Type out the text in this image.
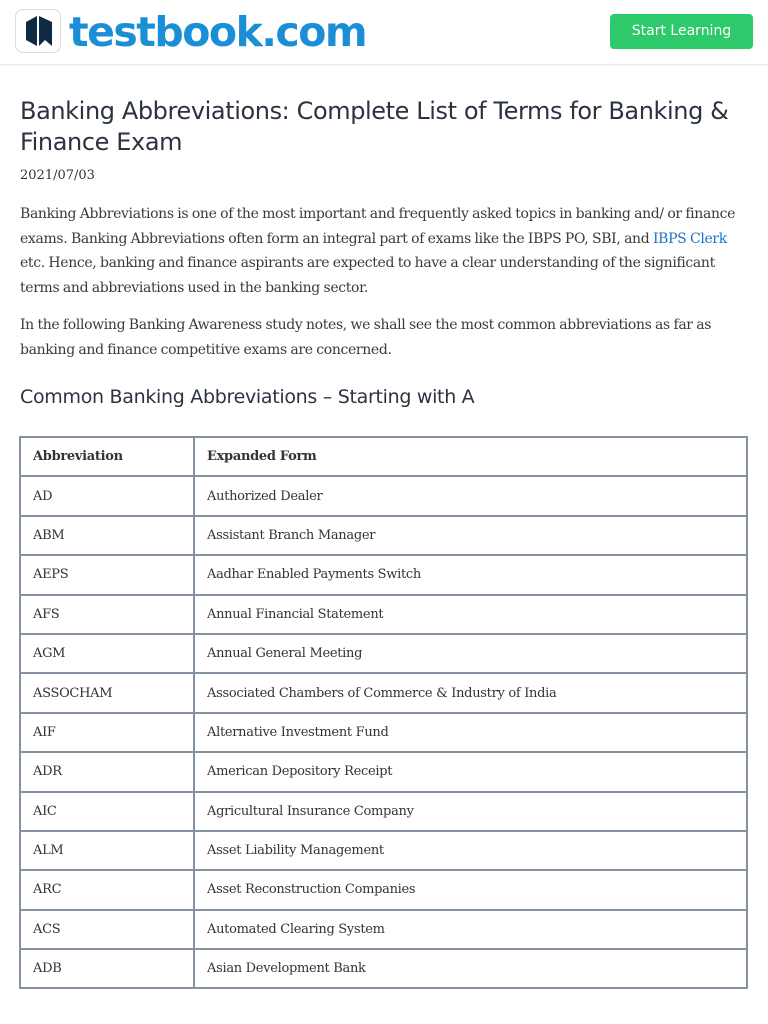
testbook.com	Start Learning
Banking Abbreviations: Complete List of Terms for Banking & Finance Exam
2021/07/03

Banking Abbreviations is one of the most important and frequently asked topics in banking and/ or finance exams. Banking Abbreviations often form an integral part of exams like the IBPS PO, SBI, and IBPS Clerk etc. Hence, banking and finance aspirants are expected to have a clear understanding of the significant terms and abbreviations used in the banking sector.

In the following Banking Awareness study notes, we shall see the most common abbreviations as far as banking and finance competitive exams are concerned.

Common Banking Abbreviations – Starting with A
Abbreviation	Expanded Form
AD	Authorized Dealer
ABM	Assistant Branch Manager
AEPS	Aadhar Enabled Payments Switch
AFS	Annual Financial Statement
AGM	Annual General Meeting
ASSOCHAM	Associated Chambers of Commerce & Industry of India
AIF	Alternative Investment Fund
ADR	American Depository Receipt
AIC	Agricultural Insurance Company
ALM	Asset Liability Management
ARC	Asset Reconstruction Companies
ACS	Automated Clearing System
ADB	Asian Development Bank
